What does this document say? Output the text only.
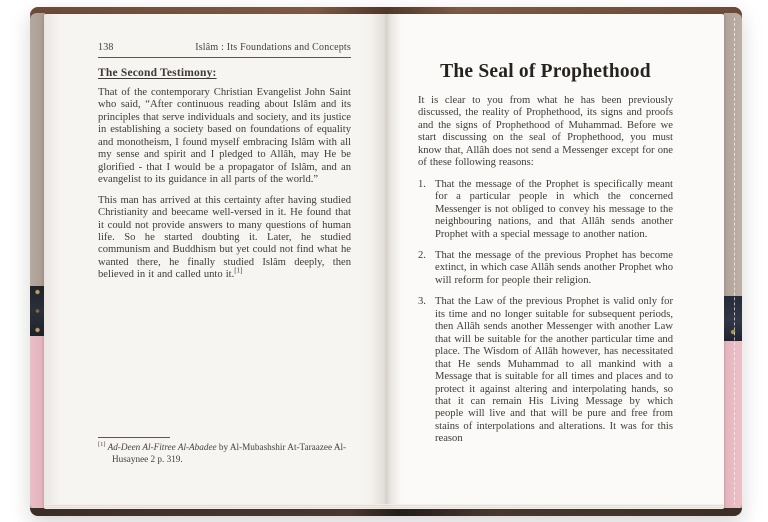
138	Islâm : Its Foundations and Concepts
The Second Testimony:

That of the contemporary Christian Evangelist John Saint who said, “After continuous reading about Islâm and its principles that serve individuals and society, and its justice in establishing a society based on foundations of equality and monotheism, I found myself embracing Islâm with all my sense and spirit and I pledged to Allâh, may He be glorified - that I would be a propagator of Islâm, and an evangelist to its guidance in all parts of the world.”

This man has arrived at this certainty after having studied Christianity and beecame well-versed in it. He found that it could not provide answers to many questions of human life. So he started doubting it. Later, he studied communism and Buddhism but yet could not find what he wanted there, he finally studied Islâm deeply, then believed in it and called unto it.[1]

[1] Ad-Deen Al-Fitree Al-Abadee by Al-Mubashshir At-Taraazee Al-Husaynee 2 p. 319.

The Seal of Prophethood

It is clear to you from what he has been previously discussed, the reality of Prophethood, its signs and proofs and the signs of Prophethood of Muhammad. Before we start discussing on the seal of Prophethood, you must know that, Allâh does not send a Messenger except for one of these following reasons:

1. That the message of the Prophet is specifically meant for a particular people in which the concerned Messenger is not obliged to convey his message to the neighbouring nations, and that Allâh sends another Prophet with a special message to another nation.
2. That the message of the previous Prophet has become extinct, in which case Allâh sends another Prophet who will reform for people their religion.
3. That the Law of the previous Prophet is valid only for its time and no longer suitable for subsequent periods, then Allâh sends another Messenger with another Law that will be suitable for the another particular time and place. The Wisdom of Allâh however, has necessitated that He sends Muhammad to all mankind with a Message that is suitable for all times and places and to protect it against altering and interpolating hands, so that it can remain His Living Message by which people will live and that will be pure and free from stains of interpolations and alterations. It was for this reason
